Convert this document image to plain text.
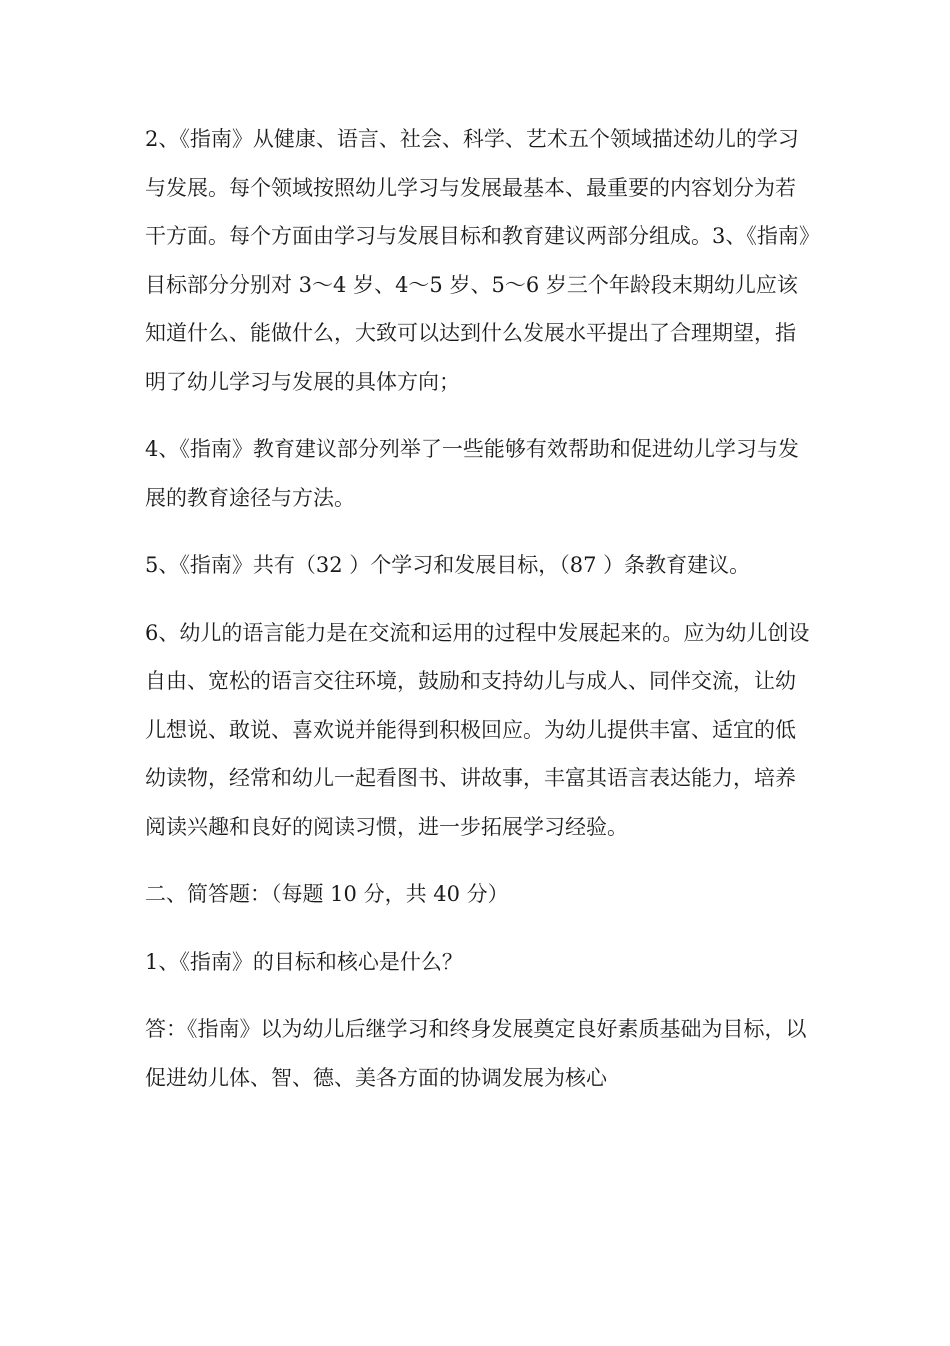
2、《指南》从健康、语言、社会、科学、艺术五个领域描述幼儿的学习与发展。每个领域按照幼儿学习与发展最基本、最重要的内容划分为若干方面。每个方面由学习与发展目标和教育建议两部分组成。3、《指南》目标部分分别对 3～4 岁、4～5 岁、5～6 岁三个年龄段末期幼儿应该知道什么、能做什么，大致可以达到什么发展水平提出了合理期望，指明了幼儿学习与发展的具体方向；

4、《指南》教育建议部分列举了一些能够有效帮助和促进幼儿学习与发展的教育途径与方法。

5、《指南》共有（32 ）个学习和发展目标，（87 ）条教育建议。

6、幼儿的语言能力是在交流和运用的过程中发展起来的。应为幼儿创设自由、宽松的语言交往环境，鼓励和支持幼儿与成人、同伴交流，让幼儿想说、敢说、喜欢说并能得到积极回应。为幼儿提供丰富、适宜的低幼读物，经常和幼儿一起看图书、讲故事，丰富其语言表达能力，培养阅读兴趣和良好的阅读习惯，进一步拓展学习经验。

二、简答题：（每题 10 分，共 40 分）

1、《指南》的目标和核心是什么？

答：《指南》以为幼儿后继学习和终身发展奠定良好素质基础为目标，以促进幼儿体、智、德、美各方面的协调发展为核心
